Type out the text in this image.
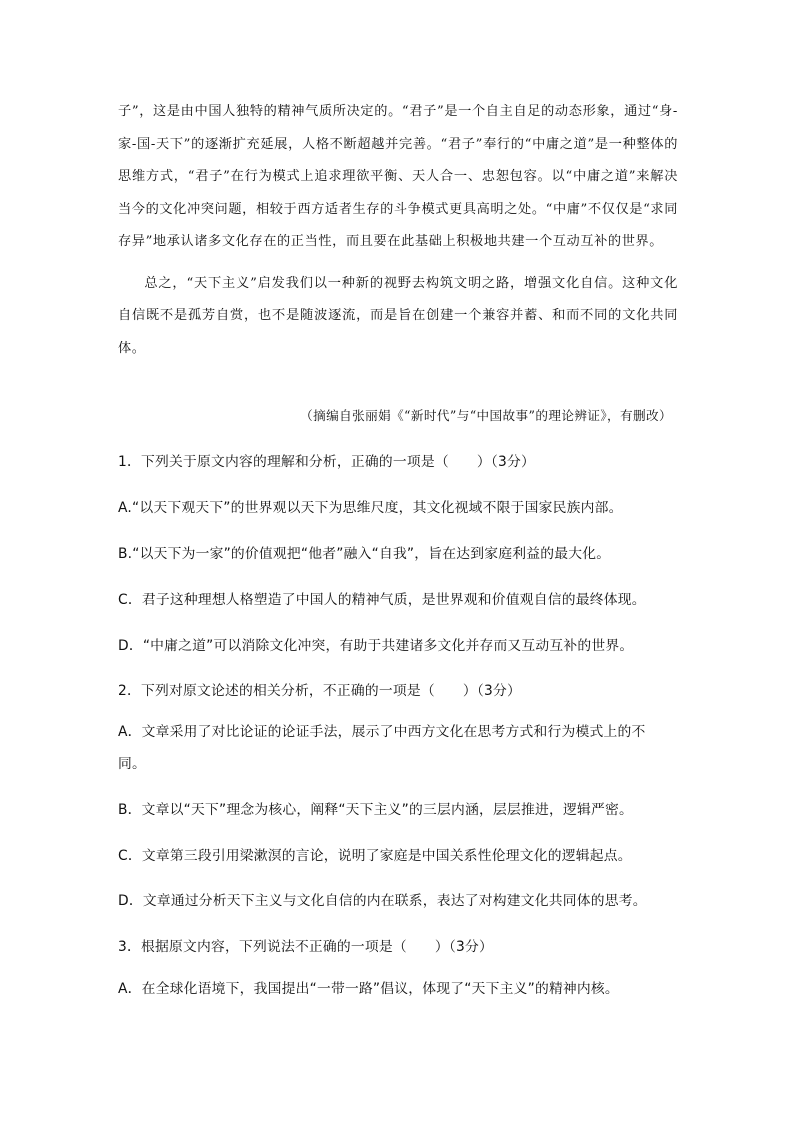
子”，这是由中国人独特的精神气质所决定的。“君子”是一个自主自足的动态形象，通过“身-家-国-天下”的逐渐扩充延展，人格不断超越并完善。“君子”奉行的“中庸之道”是一种整体的思维方式，“君子”在行为模式上追求理欲平衡、天人合一、忠恕包容。以“中庸之道”来解决当今的文化冲突问题，相较于西方适者生存的斗争模式更具高明之处。“中庸”不仅仅是“求同存异”地承认诸多文化存在的正当性，而且要在此基础上积极地共建一个互动互补的世界。

总之，“天下主义”启发我们以一种新的视野去构筑文明之路，增强文化自信。这种文化自信既不是孤芳自赏，也不是随波逐流，而是旨在创建一个兼容并蓄、和而不同的文化共同体。

（摘编自张丽娟《“新时代”与“中国故事”的理论辨证》，有删改）
1．下列关于原文内容的理解和分析，正确的一项是（　　）（3分）
A.“以天下观天下”的世界观以天下为思维尺度，其文化视域不限于国家民族内部。
B.“以天下为一家”的价值观把“他者”融入“自我”，旨在达到家庭利益的最大化。
C．君子这种理想人格塑造了中国人的精神气质，是世界观和价值观自信的最终体现。
D．“中庸之道”可以消除文化冲突，有助于共建诸多文化并存而又互动互补的世界。
2．下列对原文论述的相关分析，不正确的一项是（　　）（3分）
A．文章采用了对比论证的论证手法，展示了中西方文化在思考方式和行为模式上的不同。
B．文章以“天下”理念为核心，阐释“天下主义”的三层内涵，层层推进，逻辑严密。
C．文章第三段引用梁漱溟的言论，说明了家庭是中国关系性伦理文化的逻辑起点。
D．文章通过分析天下主义与文化自信的内在联系，表达了对构建文化共同体的思考。
3．根据原文内容，下列说法不正确的一项是（　　）（3分）
A．在全球化语境下，我国提出“一带一路”倡议，体现了“天下主义”的精神内核。
